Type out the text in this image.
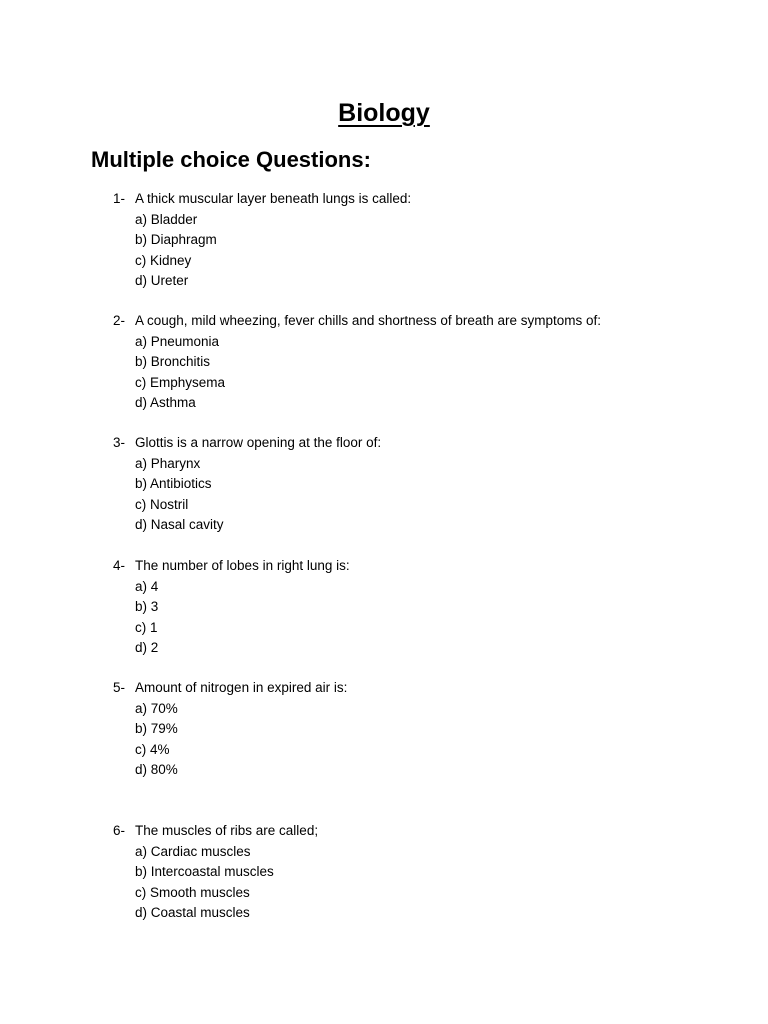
Biology
Multiple choice Questions:
1- A thick muscular layer beneath lungs is called:
a) Bladder
b) Diaphragm
c) Kidney
d) Ureter
2- A cough, mild wheezing, fever chills and shortness of breath are symptoms of:
a) Pneumonia
b) Bronchitis
c) Emphysema
d) Asthma
3- Glottis is a narrow opening at the floor of:
a) Pharynx
b) Antibiotics
c) Nostril
d) Nasal cavity
4- The number of lobes in right lung is:
a) 4
b) 3
c) 1
d) 2
5- Amount of nitrogen in expired air is:
a) 70%
b) 79%
c) 4%
d) 80%
6- The muscles of ribs are called;
a) Cardiac muscles
b) Intercoastal muscles
c) Smooth muscles
d) Coastal muscles
